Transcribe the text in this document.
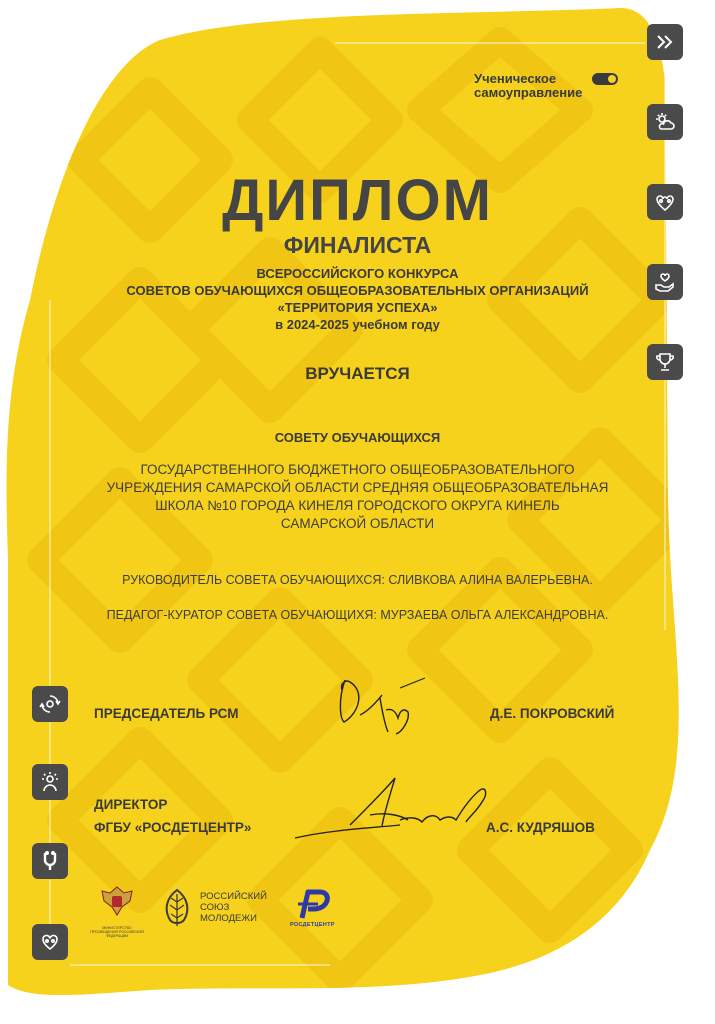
Ученическое
самоуправление
ДИПЛОМ
ФИНАЛИСТА
ВСЕРОССИЙСКОГО КОНКУРСА
СОВЕТОВ ОБУЧАЮЩИХСЯ ОБЩЕОБРАЗОВАТЕЛЬНЫХ ОРГАНИЗАЦИЙ
«ТЕРРИТОРИЯ УСПЕХА»
в 2024-2025 учебном году
ВРУЧАЕТСЯ
СОВЕТУ ОБУЧАЮЩИХСЯ
ГОСУДАРСТВЕННОГО БЮДЖЕТНОГО ОБЩЕОБРАЗОВАТЕЛЬНОГО
УЧРЕЖДЕНИЯ САМАРСКОЙ ОБЛАСТИ СРЕДНЯЯ ОБЩЕОБРАЗОВАТЕЛЬНАЯ
ШКОЛА №10 ГОРОДА КИНЕЛЯ ГОРОДСКОГО ОКРУГА КИНЕЛЬ
САМАРСКОЙ ОБЛАСТИ
РУКОВОДИТЕЛЬ СОВЕТА ОБУЧАЮЩИХСЯ: СЛИВКОВА АЛИНА ВАЛЕРЬЕВНА.
ПЕДАГОГ-КУРАТОР СОВЕТА ОБУЧАЮЩИХЯ: МУРЗАЕВА ОЛЬГА АЛЕКСАНДРОВНА.
ПРЕДСЕДАТЕЛЬ РСМ	Д.Е. ПОКРОВСКИЙ
ДИРЕКТОР
ФГБУ «РОСДЕТЦЕНТР»	А.С. КУДРЯШОВ
МИНИСТЕРСТВО ПРОСВЕЩЕНИЯ РОССИЙСКОЙ ФЕДЕРАЦИИ
РОССИЙСКИЙ
СОЮЗ
МОЛОДЕЖИ
РОСДЕТЦЕНТР
